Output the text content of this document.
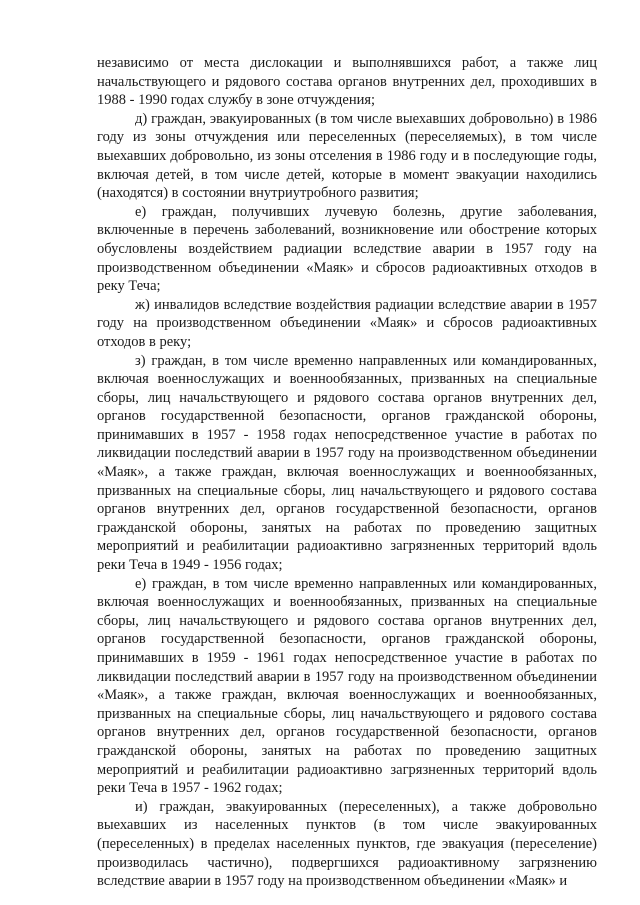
независимо от места дислокации и выполнявшихся работ, а также лиц начальствующего и рядового состава органов внутренних дел, проходивших в 1988 - 1990 годах службу в зоне отчуждения;

д) граждан, эвакуированных (в том числе выехавших добровольно) в 1986 году из зоны отчуждения или переселенных (переселяемых), в том числе выехавших добровольно, из зоны отселения в 1986 году и в последующие годы, включая детей, в том числе детей, которые в момент эвакуации находились (находятся) в состоянии внутриутробного развития;

е) граждан, получивших лучевую болезнь, другие заболевания, включенные в перечень заболеваний, возникновение или обострение которых обусловлены воздействием радиации вследствие аварии в 1957 году на производственном объединении «Маяк» и сбросов радиоактивных отходов в реку Теча;

ж) инвалидов вследствие воздействия радиации вследствие аварии в 1957 году на производственном объединении «Маяк» и сбросов радиоактивных отходов в реку;

з) граждан, в том числе временно направленных или командированных, включая военнослужащих и военнообязанных, призванных на специальные сборы, лиц начальствующего и рядового состава органов внутренних дел, органов государственной безопасности, органов гражданской обороны, принимавших в 1957 - 1958 годах непосредственное участие в работах по ликвидации последствий аварии в 1957 году на производственном объединении «Маяк», а также граждан, включая военнослужащих и военнообязанных, призванных на специальные сборы, лиц начальствующего и рядового состава органов внутренних дел, органов государственной безопасности, органов гражданской обороны, занятых на работах по проведению защитных мероприятий и реабилитации радиоактивно загрязненных территорий вдоль реки Теча в 1949 - 1956 годах;

е) граждан, в том числе временно направленных или командированных, включая военнослужащих и военнообязанных, призванных на специальные сборы, лиц начальствующего и рядового состава органов внутренних дел, органов государственной безопасности, органов гражданской обороны, принимавших в 1959 - 1961 годах непосредственное участие в работах по ликвидации последствий аварии в 1957 году на производственном объединении «Маяк», а также граждан, включая военнослужащих и военнообязанных, призванных на специальные сборы, лиц начальствующего и рядового состава органов внутренних дел, органов государственной безопасности, органов гражданской обороны, занятых на работах по проведению защитных мероприятий и реабилитации радиоактивно загрязненных территорий вдоль реки Теча в 1957 - 1962 годах;

и) граждан, эвакуированных (переселенных), а также добровольно выехавших из населенных пунктов (в том числе эвакуированных (переселенных) в пределах населенных пунктов, где эвакуация (переселение) производилась частично), подвергшихся радиоактивному загрязнению вследствие аварии в 1957 году на производственном объединении «Маяк» и
